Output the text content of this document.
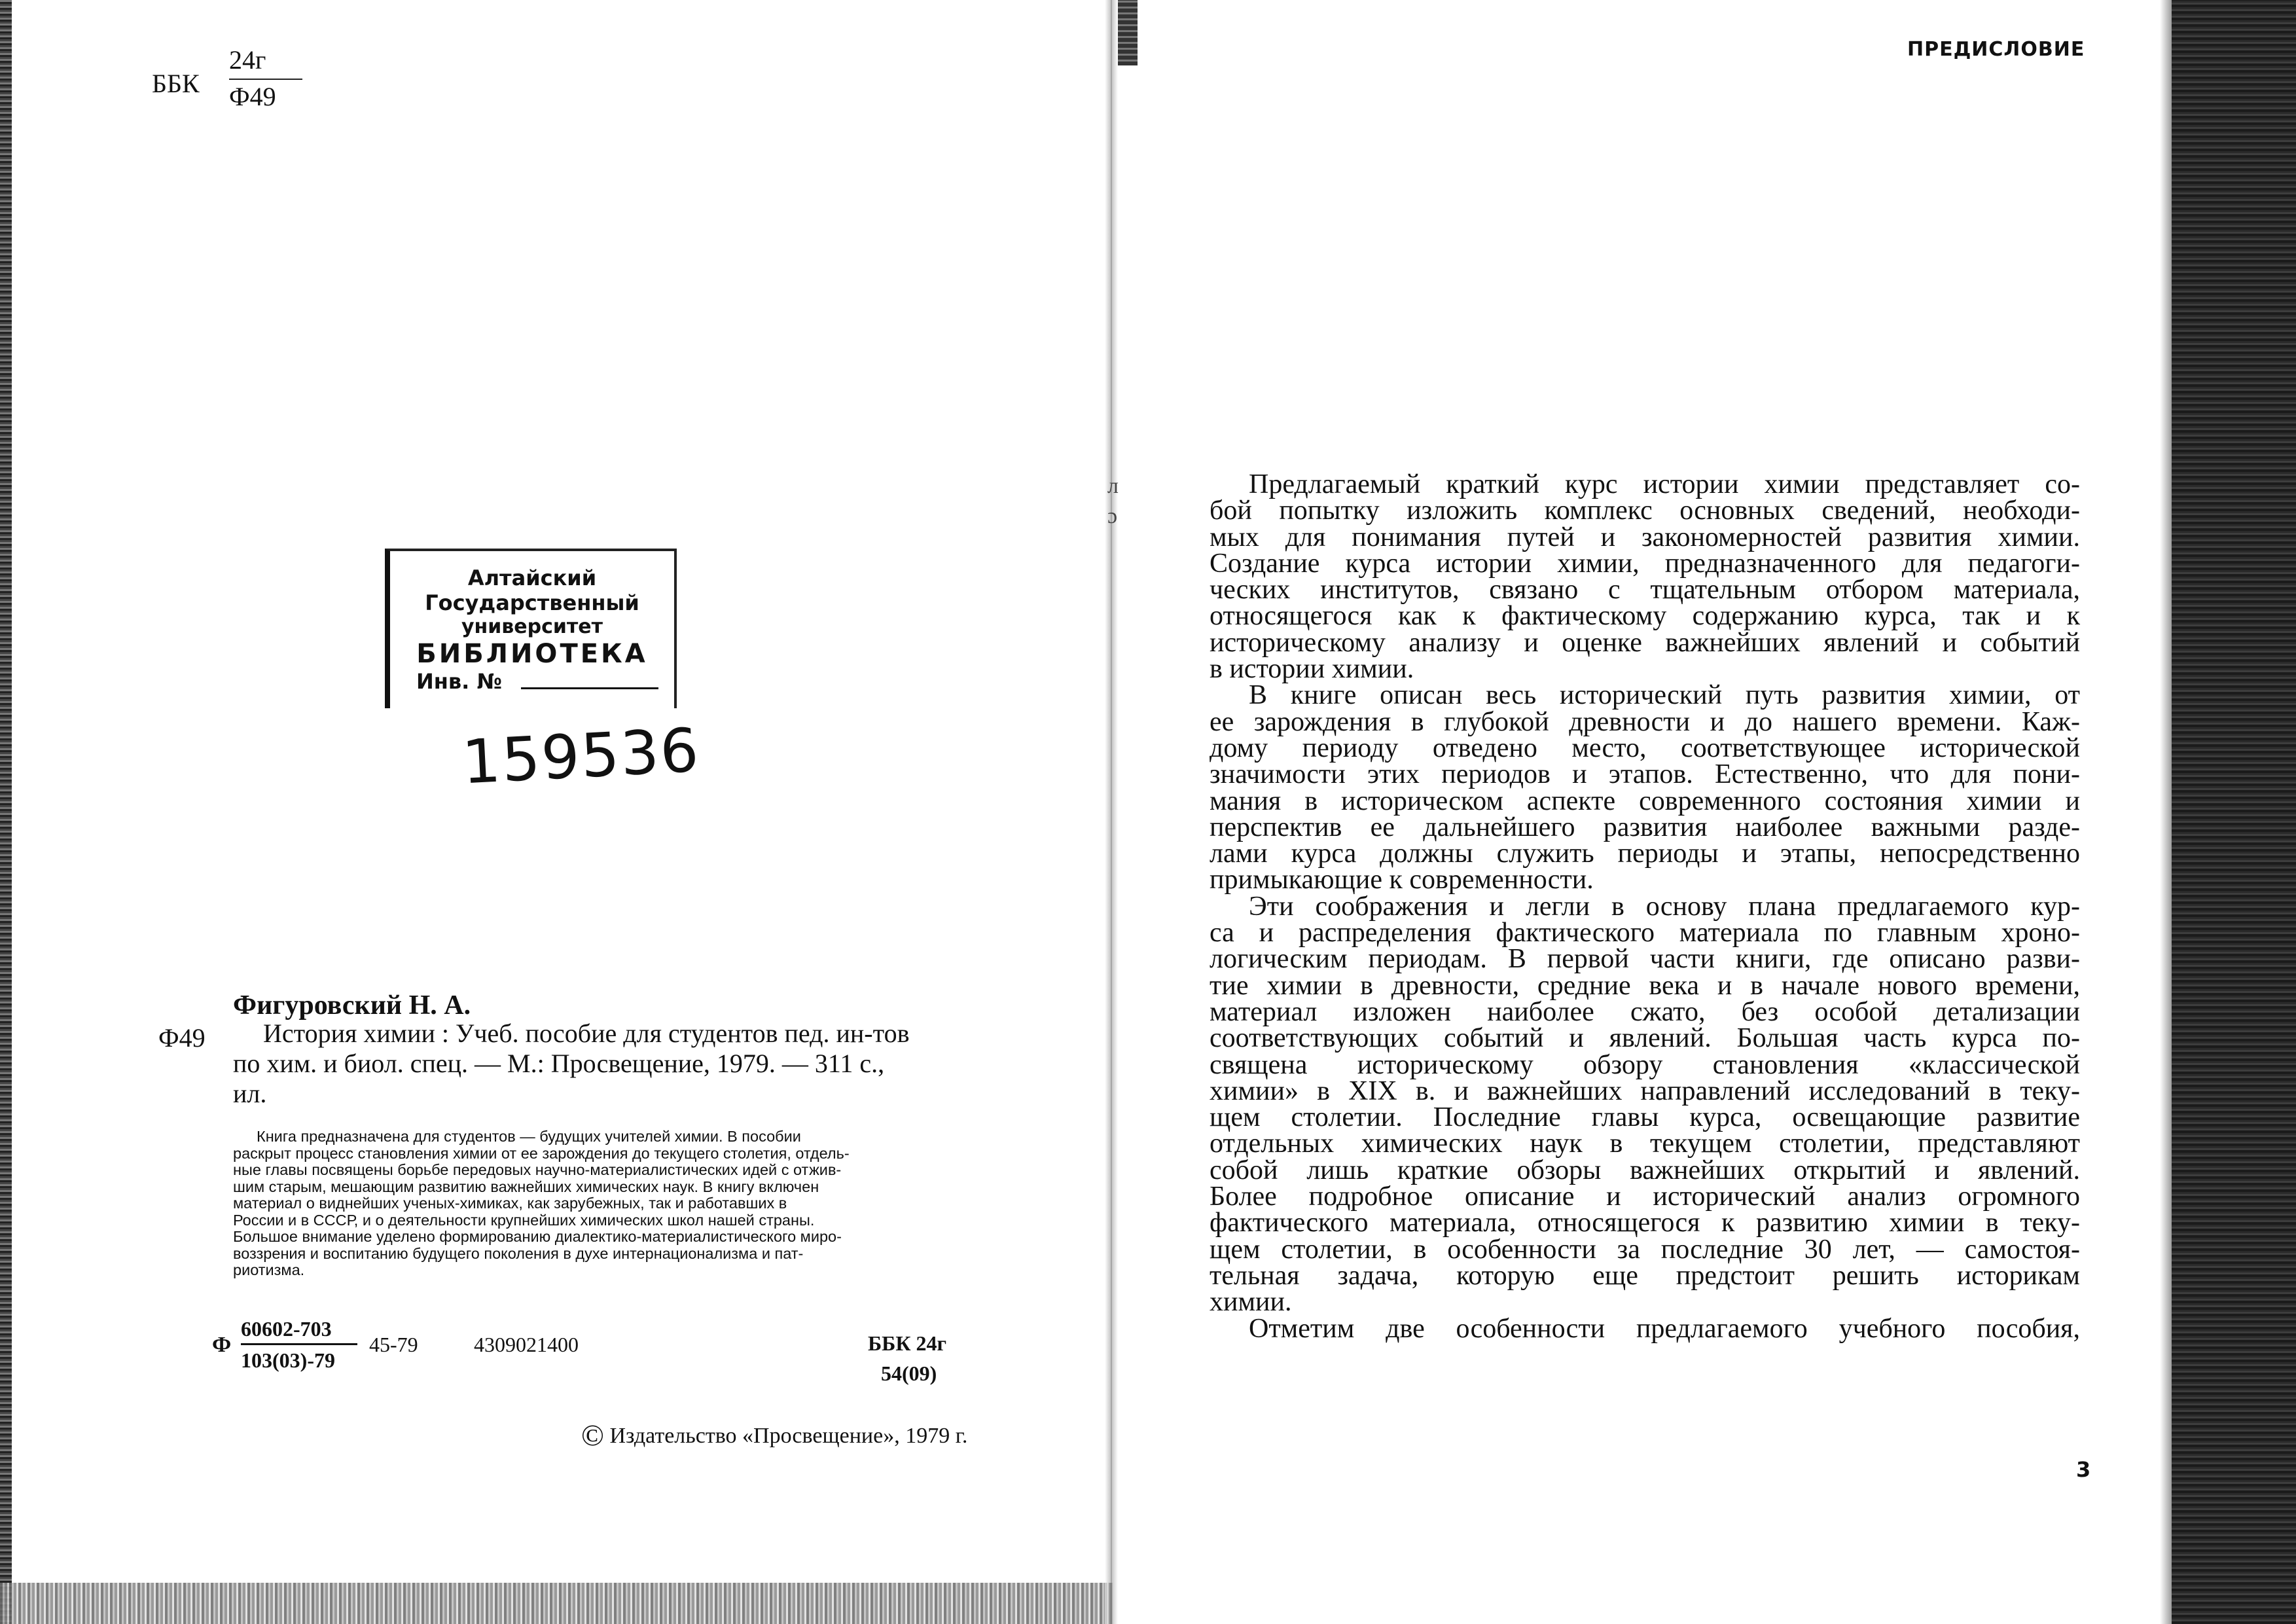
ББК
24г
Ф49
Алтайский
Государственный
университет
БИБЛИОТЕКА
Инв. №
159536
Фигуровский Н. А.
Ф49	История химии : Учеб. пособие для студентов пед. ин-тов
по хим. и биол. спец. — М.: Просвещение, 1979. — 311 с.,
ил.
Книга предназначена для студентов — будущих учителей химии. В пособии
раскрыт процесс становления химии от ее зарождения до текущего столетия, отдель-
ные главы посвящены борьбе передовых научно-материалистических идей с отжив-
шим старым, мешающим развитию важнейших химических наук. В книгу включен
материал о виднейших ученых-химиках, как зарубежных, так и работавших в
России и в СССР, и о деятельности крупнейших химических школ нашей страны.
Большое внимание уделено формированию диалектико-материалистического миро-
воззрения и воспитанию будущего поколения в духе интернационализма и пат-
риотизма.
Ф
60602-703
103(03)-79
45-79	4309021400	ББК 24г
54(09)
© Издательство «Просвещение», 1979 г.
ПРЕДИСЛОВИЕ
л
ɔ
Предлагаемый краткий курс истории химии представляет со-
бой попытку изложить комплекс основных сведений, необходи-
мых для понимания путей и закономерностей развития химии.
Создание курса истории химии, предназначенного для педагоги-
ческих институтов, связано с тщательным отбором материала,
относящегося как к фактическому содержанию курса, так и к
историческому анализу и оценке важнейших явлений и событий
в истории химии.
В книге описан весь исторический путь развития химии, от
ее зарождения в глубокой древности и до нашего времени. Каж-
дому периоду отведено место, соответствующее исторической
значимости этих периодов и этапов. Естественно, что для пони-
мания в историческом аспекте современного состояния химии и
перспектив ее дальнейшего развития наиболее важными разде-
лами курса должны служить периоды и этапы, непосредственно
примыкающие к современности.
Эти соображения и легли в основу плана предлагаемого кур-
са и распределения фактического материала по главным хроно-
логическим периодам. В первой части книги, где описано разви-
тие химии в древности, средние века и в начале нового времени,
материал изложен наиболее сжато, без особой детализации
соответствующих событий и явлений. Большая часть курса по-
священа историческому обзору становления «классической
химии» в XIX в. и важнейших направлений исследований в теку-
щем столетии. Последние главы курса, освещающие развитие
отдельных химических наук в текущем столетии, представляют
собой лишь краткие обзоры важнейших открытий и явлений.
Более подробное описание и исторический анализ огромного
фактического материала, относящегося к развитию химии в теку-
щем столетии, в особенности за последние 30 лет, — самостоя-
тельная задача, которую еще предстоит решить историкам
химии.
Отметим две особенности предлагаемого учебного пособия,
3
